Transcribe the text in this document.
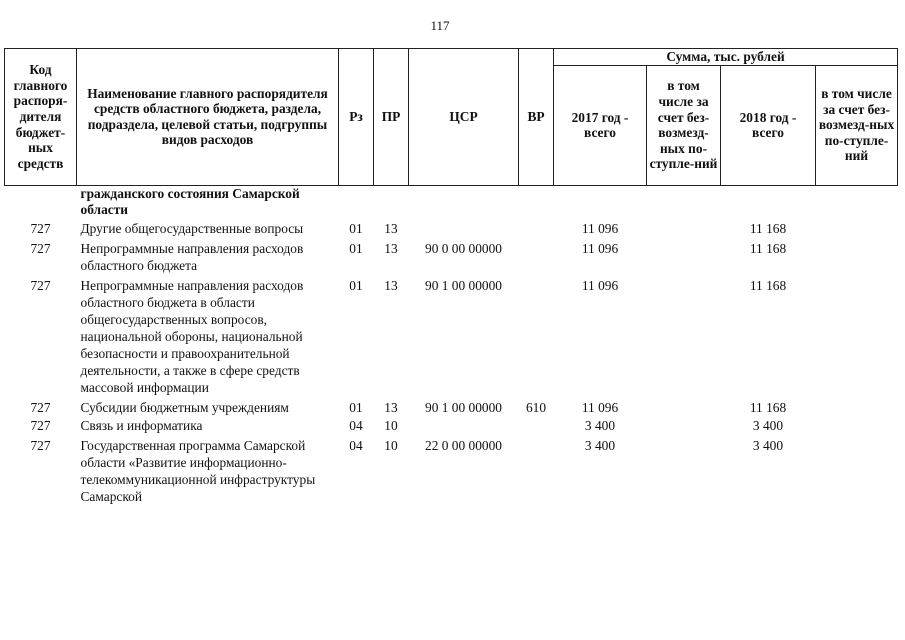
117
Код главного распоря-дителя бюджет-ных средств	Наименование главного распорядителя средств областного бюджета, раздела, подраздела, целевой статьи, подгруппы видов расходов	Рз	ПР	ЦСР	ВР	Сумма, тыс. рублей			
						2017 год - всего	в том числе за счет без-возмезд-ных по-ступле-ний	2018 год - всего	в том числе за счет без-возмезд-ных по-ступле-ний
	гражданского состояния Самарской области								
727	Другие общегосударственные вопросы	01	13			11 096		11 168	
727	Непрограммные направления расходов областного бюджета	01	13	90 0 00 00000		11 096		11 168	
727	Непрограммные направления расходов областного бюджета в области общегосударственных вопросов, национальной обороны, национальной безопасности и правоохранительной деятельности, а также в сфере средств массовой информации	01	13	90 1 00 00000		11 096		11 168	
727	Субсидии бюджетным учреждениям	01	13	90 1 00 00000	610	11 096		11 168	
727	Связь и информатика	04	10			3 400		3 400	
727	Государственная программа Самарской области «Развитие информационно-телекоммуникационной инфраструктуры Самарской	04	10	22 0 00 00000		3 400		3 400	
